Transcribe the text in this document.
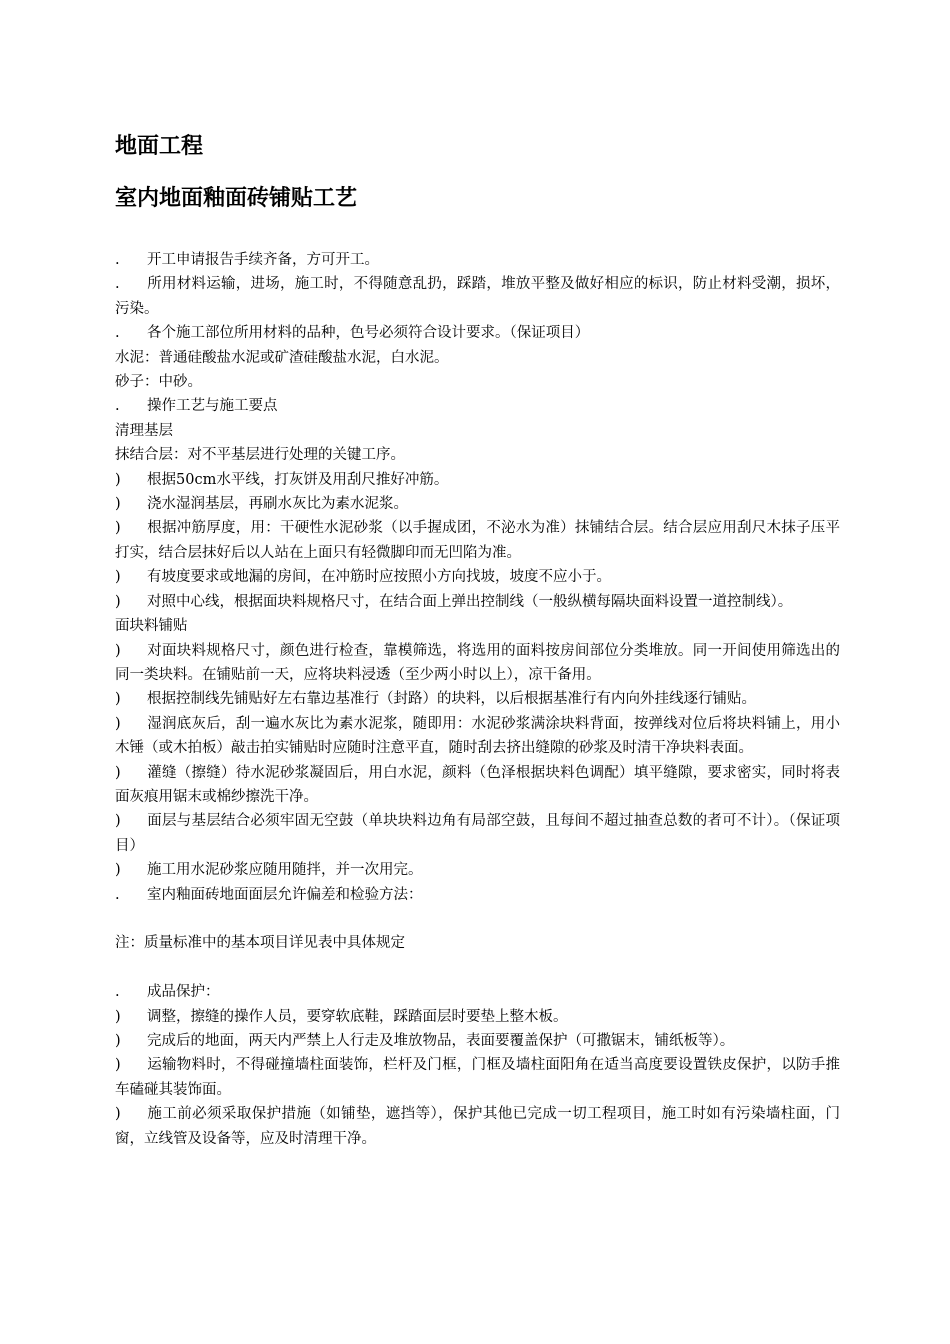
地面工程
室内地面釉面砖铺贴工艺

. 开工申请报告手续齐备，方可开工。

. 所用材料运输，进场，施工时，不得随意乱扔，踩踏，堆放平整及做好相应的标识，防止材料受潮，损坏，污染。

. 各个施工部位所用材料的品种，色号必须符合设计要求。（保证项目）

水泥：普通硅酸盐水泥或矿渣硅酸盐水泥，白水泥。

砂子：中砂。

. 操作工艺与施工要点

清理基层

抹结合层：对不平基层进行处理的关键工序。

) 根据50cm水平线，打灰饼及用刮尺推好冲筋。

) 浇水湿润基层，再刷水灰比为素水泥浆。

) 根据冲筋厚度，用：干硬性水泥砂浆（以手握成团，不泌水为准）抹铺结合层。结合层应用刮尺木抹子压平打实，结合层抹好后以人站在上面只有轻微脚印而无凹陷为准。

) 有坡度要求或地漏的房间，在冲筋时应按照小方向找坡，坡度不应小于。

) 对照中心线，根据面块料规格尺寸，在结合面上弹出控制线（一般纵横每隔块面料设置一道控制线）。

面块料铺贴

) 对面块料规格尺寸，颜色进行检查，靠模筛选，将选用的面料按房间部位分类堆放。同一开间使用筛选出的同一类块料。在铺贴前一天，应将块料浸透（至少两小时以上），凉干备用。

) 根据控制线先铺贴好左右靠边基准行（封路）的块料，以后根据基准行有内向外挂线逐行铺贴。

) 湿润底灰后，刮一遍水灰比为素水泥浆，随即用：水泥砂浆满涂块料背面，按弹线对位后将块料铺上，用小木锤（或木拍板）敲击拍实铺贴时应随时注意平直，随时刮去挤出缝隙的砂浆及时清干净块料表面。

) 灌缝（擦缝）待水泥砂浆凝固后，用白水泥，颜料（色泽根据块料色调配）填平缝隙，要求密实，同时将表面灰痕用锯末或棉纱擦洗干净。

) 面层与基层结合必须牢固无空鼓（单块块料边角有局部空鼓，且每间不超过抽查总数的者可不计）。（保证项目）

) 施工用水泥砂浆应随用随拌，并一次用完。

. 室内釉面砖地面面层允许偏差和检验方法：

注：质量标准中的基本项目详见表中具体规定

. 成品保护：

) 调整，擦缝的操作人员，要穿软底鞋，踩踏面层时要垫上整木板。

) 完成后的地面，两天内严禁上人行走及堆放物品，表面要覆盖保护（可撒锯末，铺纸板等）。

) 运输物料时，不得碰撞墙柱面装饰，栏杆及门框，门框及墙柱面阳角在适当高度要设置铁皮保护，以防手推车磕碰其装饰面。

) 施工前必须采取保护措施（如铺垫，遮挡等），保护其他已完成一切工程项目，施工时如有污染墙柱面，门窗，立线管及设备等，应及时清理干净。
